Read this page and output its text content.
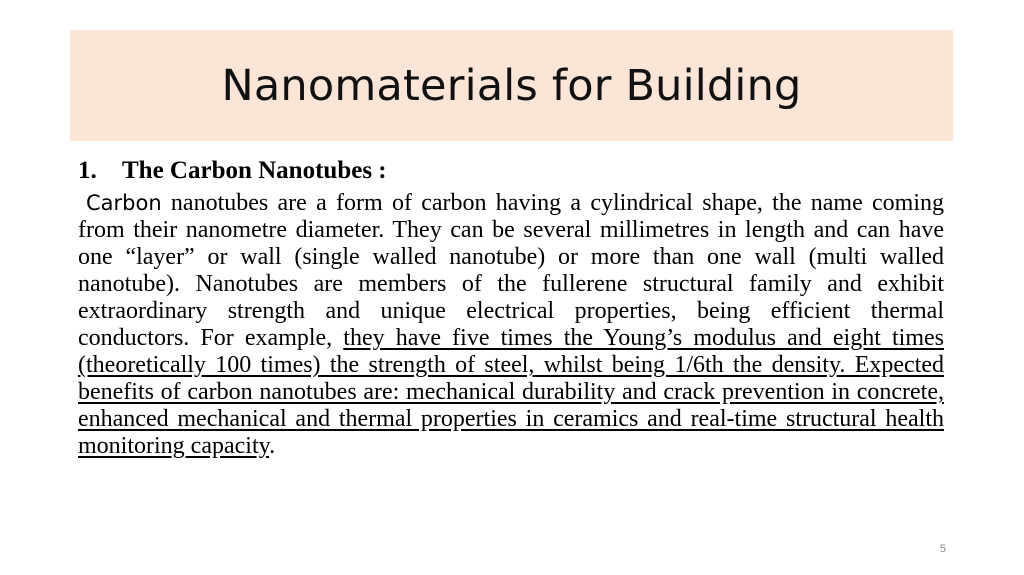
Nanomaterials for Building

1. The Carbon Nanotubes :

Carbon nanotubes are a form of carbon having a cylindrical shape, the name coming from their nanometre diameter. They can be several millimetres in length and can have one “layer” or wall (single walled nanotube) or more than one wall (multi walled nanotube). Nanotubes are members of the fullerene structural family and exhibit extraordinary strength and unique electrical properties, being efficient thermal conductors. For example, they have five times the Young’s modulus and eight times (theoretically 100 times) the strength of steel, whilst being 1/6th the density. Expected benefits of carbon nanotubes are: mechanical durability and crack prevention in concrete, enhanced mechanical and thermal properties in ceramics and real-time structural health monitoring capacity.

5
